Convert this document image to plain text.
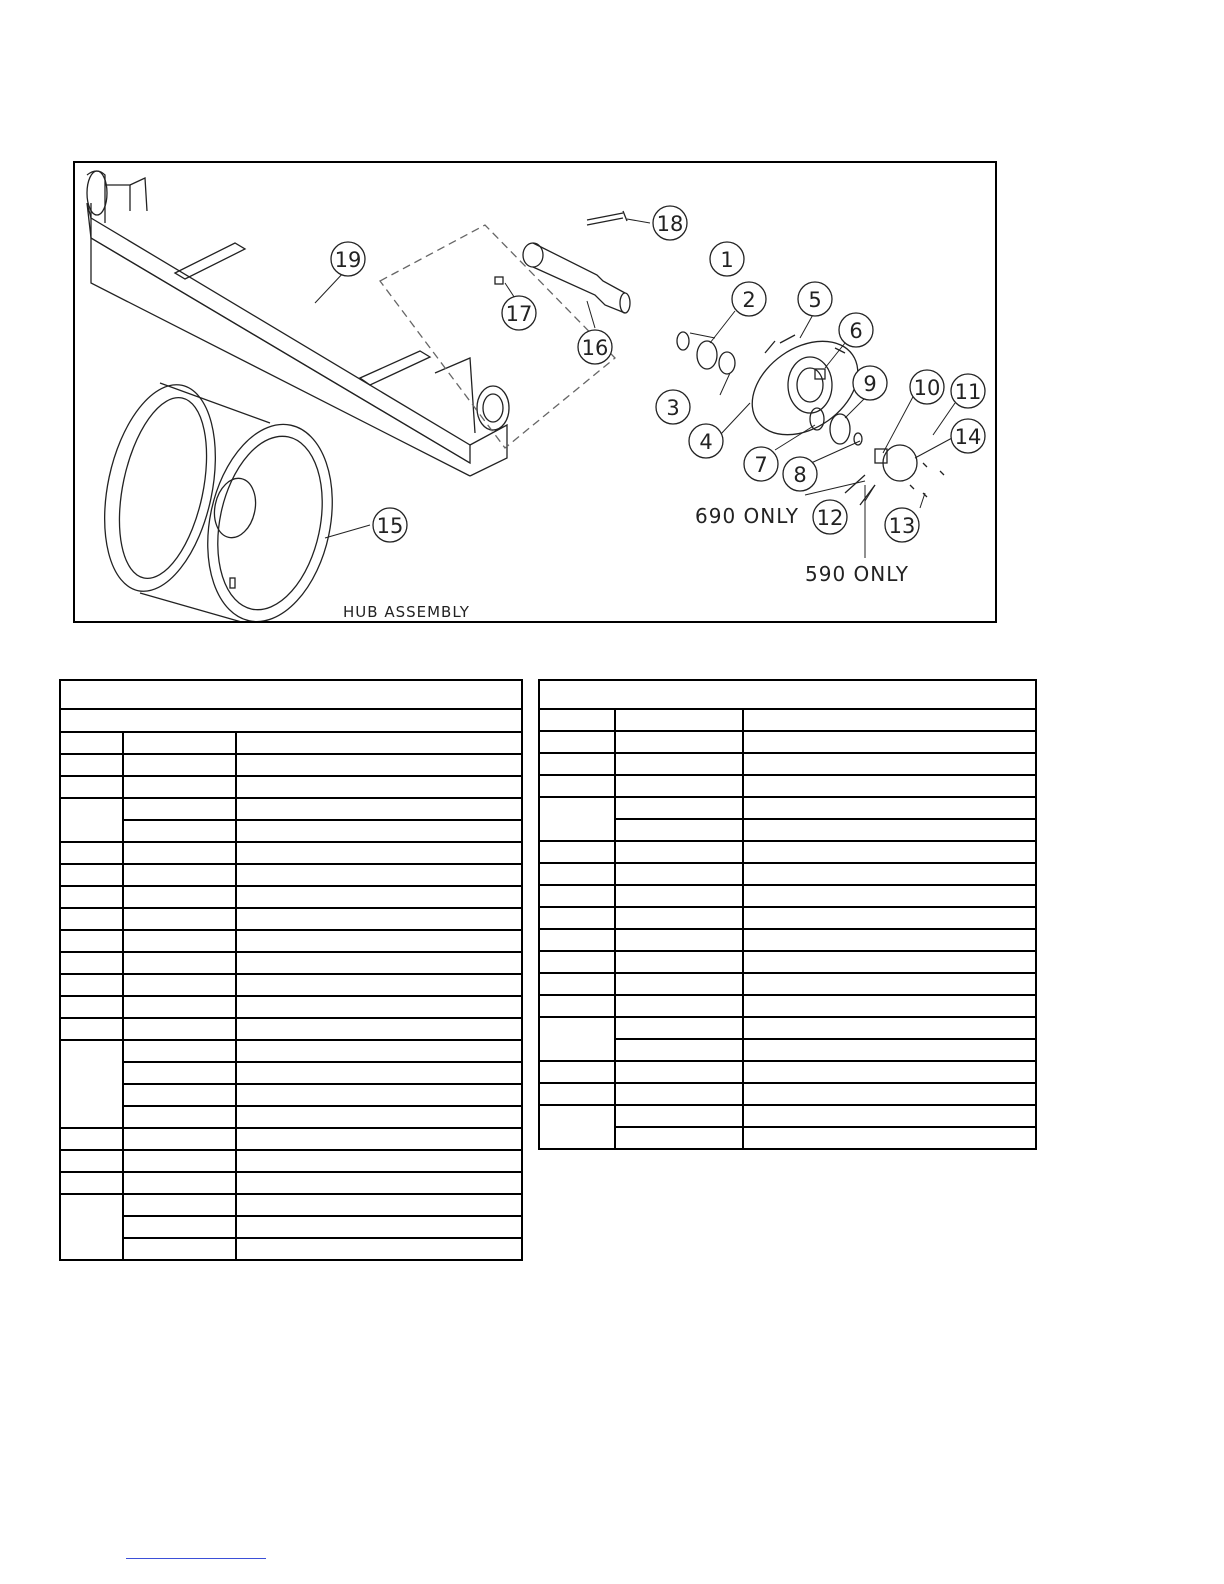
1
2
3
4
5
6
7 8
9 10 11
12 13
14
15
16
17
18
19
690 ONLY
590 ONLY
HUB ASSEMBLY
